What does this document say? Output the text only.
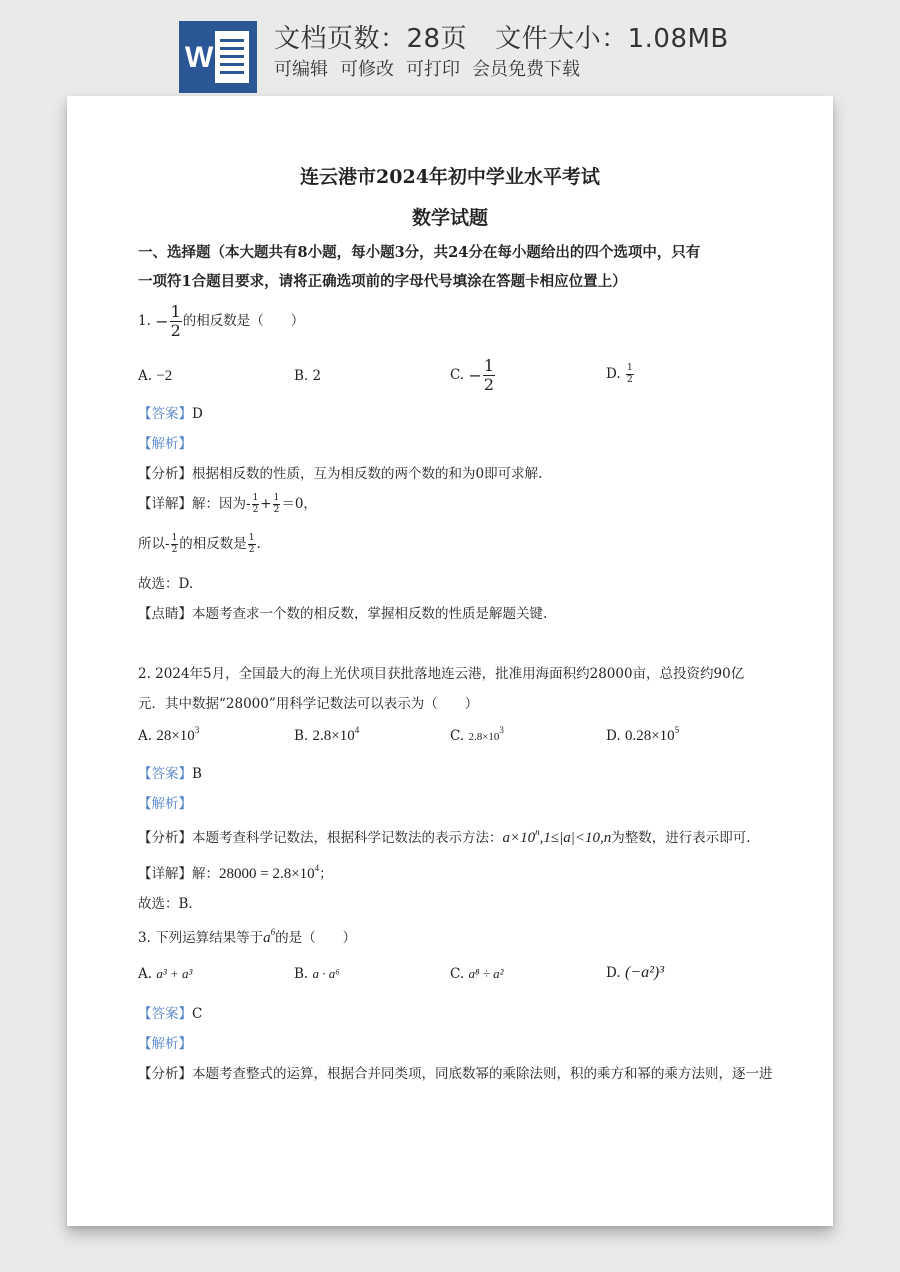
W
文档页数：28页 文件大小：1.08MB
可编辑 可修改 可打印 会员免费下载
连云港市2024年初中学业水平考试
数学试题
一、选择题（本大题共有8小题，每小题3分，共24分在每小题给出的四个选项中，只有
一项符1合题目要求，请将正确选项前的字母代号填涂在答题卡相应位置上）
1. − $\frac{1}{2}$ 的相反数是（　　）
A. −2	B. 2	C. − $\frac{1}{2}$	D. $\frac{1}{2}$
【答案】D
【解析】
【分析】根据相反数的性质，互为相反数的两个数的和为0即可求解.
【详解】解：因为- $\frac{1}{2} + \frac{1}{2} =0$，
所以- $\frac{1}{2}$ 的相反数是 $\frac{1}{2}$ .
故选：D.
【点睛】本题考查求一个数的相反数，掌握相反数的性质是解题关键.
2. 2024年5月，全国最大的海上光伏项目获批落地连云港，批准用海面积约28000亩，总投资约90亿
元．其中数据“28000”用科学记数法可以表示为（　　）
A. $28\times 10^3$	B. $2.8\times 10^4$	C. $2.8\times 10^3$	D. $0.28\times 10^5$
【答案】B
【解析】
【分析】本题考查科学记数法，根据科学记数法的表示方法：$a\times 10^n,1\le|a|<10,n$为整数，进行表示即可.
【详解】解：$28000 = 2.8\times 10^4$；
故选：B.
3. 下列运算结果等于$a^6$的是（　　）
A. a³ + a³	B. a · a⁶	C. a⁸ ÷ a²	D. (−a²)³
【答案】C
【解析】
【分析】本题考查整式的运算，根据合并同类项，同底数幂的乘除法则，积的乘方和幂的乘方法则，逐一进
